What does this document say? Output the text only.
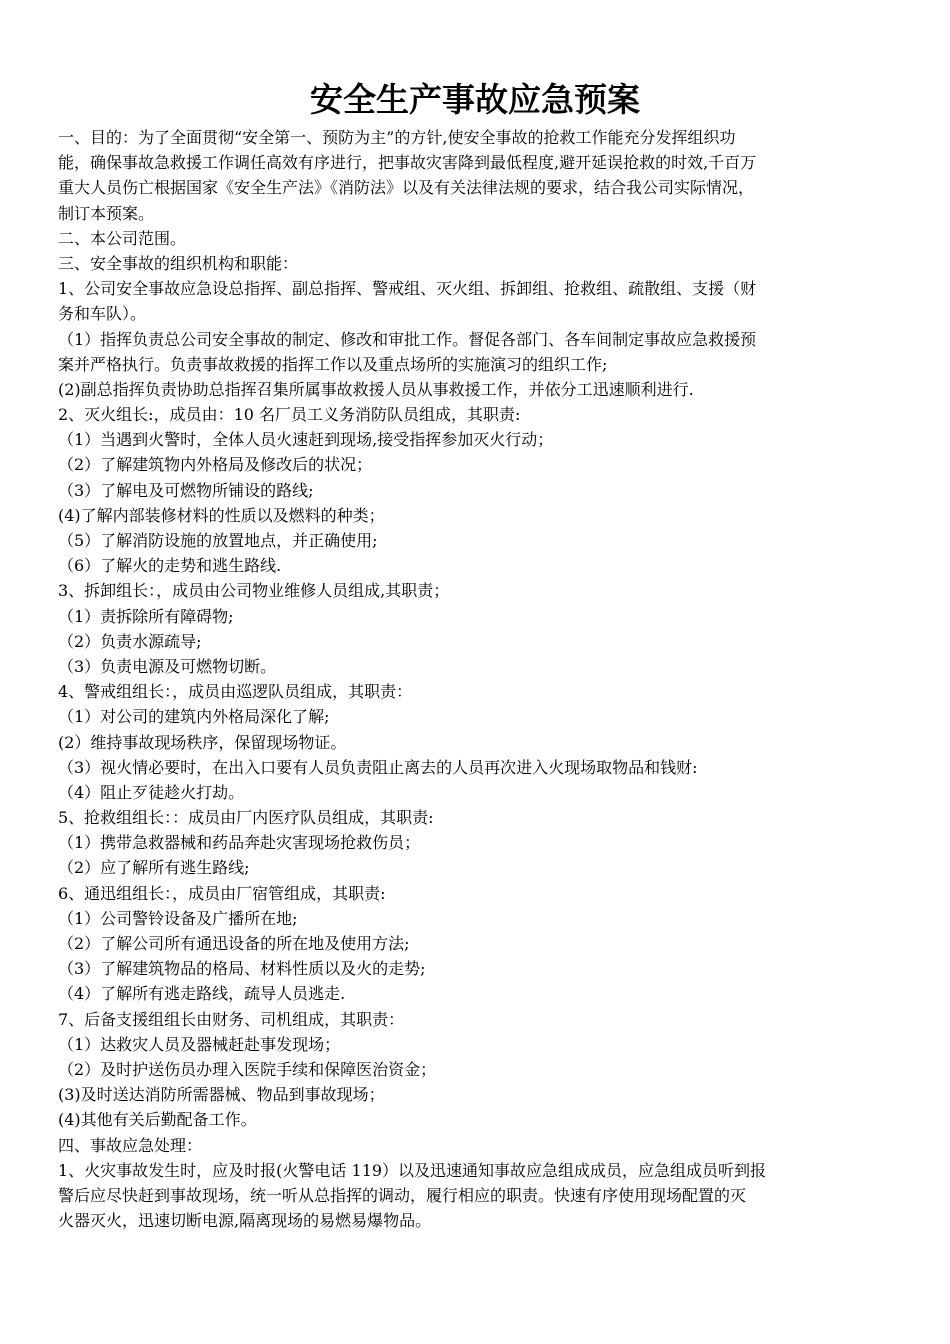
安全生产事故应急预案
一、目的：为了全面贯彻“安全第一、预防为主”的方针,使安全事故的抢救工作能充分发挥组织功
能，确保事故急救援工作调任高效有序进行，把事故灾害降到最低程度,避开延误抢救的时效,千百万
重大人员伤亡根据国家《安全生产法》《消防法》以及有关法律法规的要求，结合我公司实际情况，
制订本预案。
二、本公司范围。
三、安全事故的组织机构和职能：
1、公司安全事故应急设总指挥、副总指挥、警戒组、灭火组、拆卸组、抢救组、疏散组、支援（财
务和车队）。
（1）指挥负责总公司安全事故的制定、修改和审批工作。督促各部门、各车间制定事故应急救援预
案并严格执行。负责事故救援的指挥工作以及重点场所的实施演习的组织工作;
(2)副总指挥负责协助总指挥召集所属事故救援人员从事救援工作，并依分工迅速顺利进行.
2、灭火组长:，成员由：10 名厂员工义务消防队员组成，其职责:
（1）当遇到火警时，全体人员火速赶到现场,接受指挥参加灭火行动；
（2）了解建筑物内外格局及修改后的状况；
（3）了解电及可燃物所铺设的路线;
(4)了解内部装修材料的性质以及燃料的种类；
（5）了解消防设施的放置地点，并正确使用;
（6）了解火的走势和逃生路线.
3、拆卸组长：，成员由公司物业维修人员组成,其职责；
（1）责拆除所有障碍物;
（2）负责水源疏导;
（3）负责电源及可燃物切断。
4、警戒组组长：，成员由巡逻队员组成，其职责：
（1）对公司的建筑内外格局深化了解;
(2）维持事故现场秩序，保留现场物证。
（3）视火情必要时，在出入口要有人员负责阻止离去的人员再次进入火现场取物品和钱财:
（4）阻止歹徒趁火打劫。
5、抢救组组长：：成员由厂内医疗队员组成，其职责:
（1）携带急救器械和药品奔赴灾害现场抢救伤员；
（2）应了解所有逃生路线;
6、通迅组组长：，成员由厂宿管组成，其职责:
（1）公司警铃设备及广播所在地;
（2）了解公司所有通迅设备的所在地及使用方法;
（3）了解建筑物品的格局、材料性质以及火的走势;
（4）了解所有逃走路线，疏导人员逃走.
7、后备支援组组长由财务、司机组成，其职责：
（1）达救灾人员及器械赶赴事发现场；
（2）及时护送伤员办理入医院手续和保障医治资金；
(3)及时送达消防所需器械、物品到事故现场；
(4)其他有关后勤配备工作。
四、事故应急处理：
1、火灾事故发生时，应及时报(火警电话 119）以及迅速通知事故应急组成成员，应急组成员听到报
警后应尽快赶到事故现场，统一听从总指挥的调动，履行相应的职责。快速有序使用现场配置的灭
火器灭火，迅速切断电源,隔离现场的易燃易爆物品。
